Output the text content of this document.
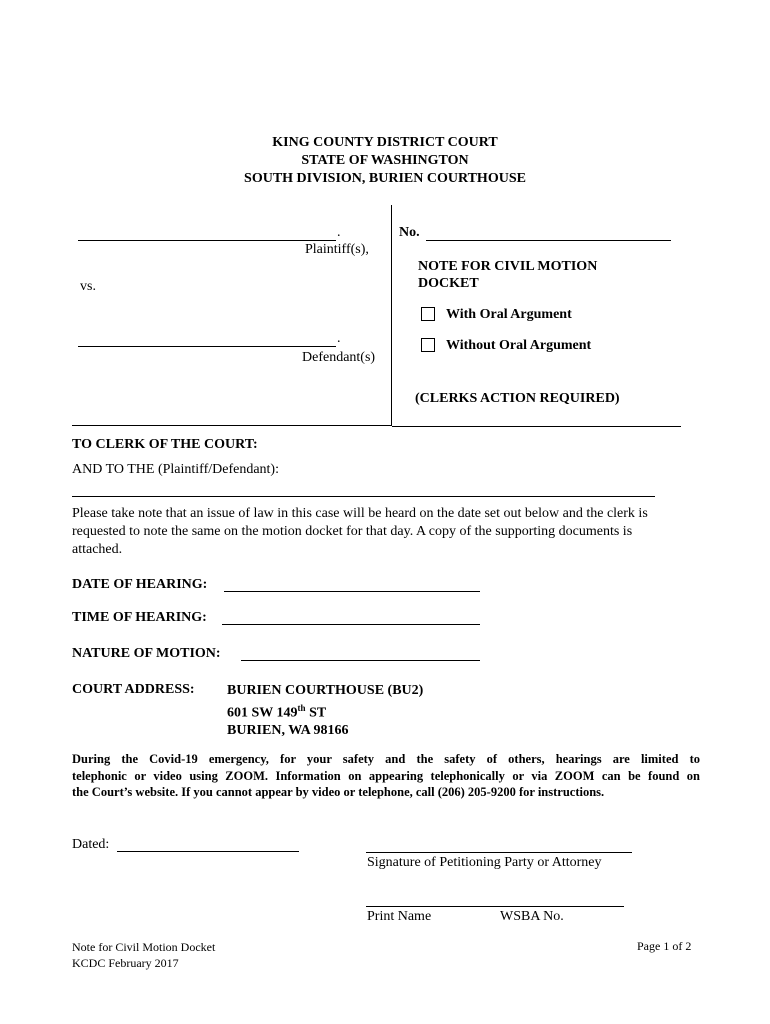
KING COUNTY DISTRICT COURT
STATE OF WASHINGTON
SOUTH DIVISION, BURIEN COURTHOUSE
.
Plaintiff(s),
vs.
.
Defendant(s)
No.
NOTE FOR CIVIL MOTION
DOCKET
With Oral Argument
Without Oral Argument
(CLERKS ACTION REQUIRED)
TO CLERK OF THE COURT:
AND TO THE (Plaintiff/Defendant):
Please take note that an issue of law in this case will be heard on the date set out below and the clerk is
requested to note the same on the motion docket for that day. A copy of the supporting documents is
attached.
DATE OF HEARING:
TIME OF HEARING:
NATURE OF MOTION:
COURT ADDRESS: BURIEN COURTHOUSE (BU2)
601 SW 149th ST
BURIEN, WA 98166
During the Covid-19 emergency, for your safety and the safety of others, hearings are limited to
telephonic or video using ZOOM. Information on appearing telephonically or via ZOOM can be found on
the Court’s website. If you cannot appear by video or telephone, call (206) 205-9200 for instructions.
Dated:
Signature of Petitioning Party or Attorney
Print Name	WSBA No.
Note for Civil Motion Docket
KCDC February 2017
Page 1 of 2
